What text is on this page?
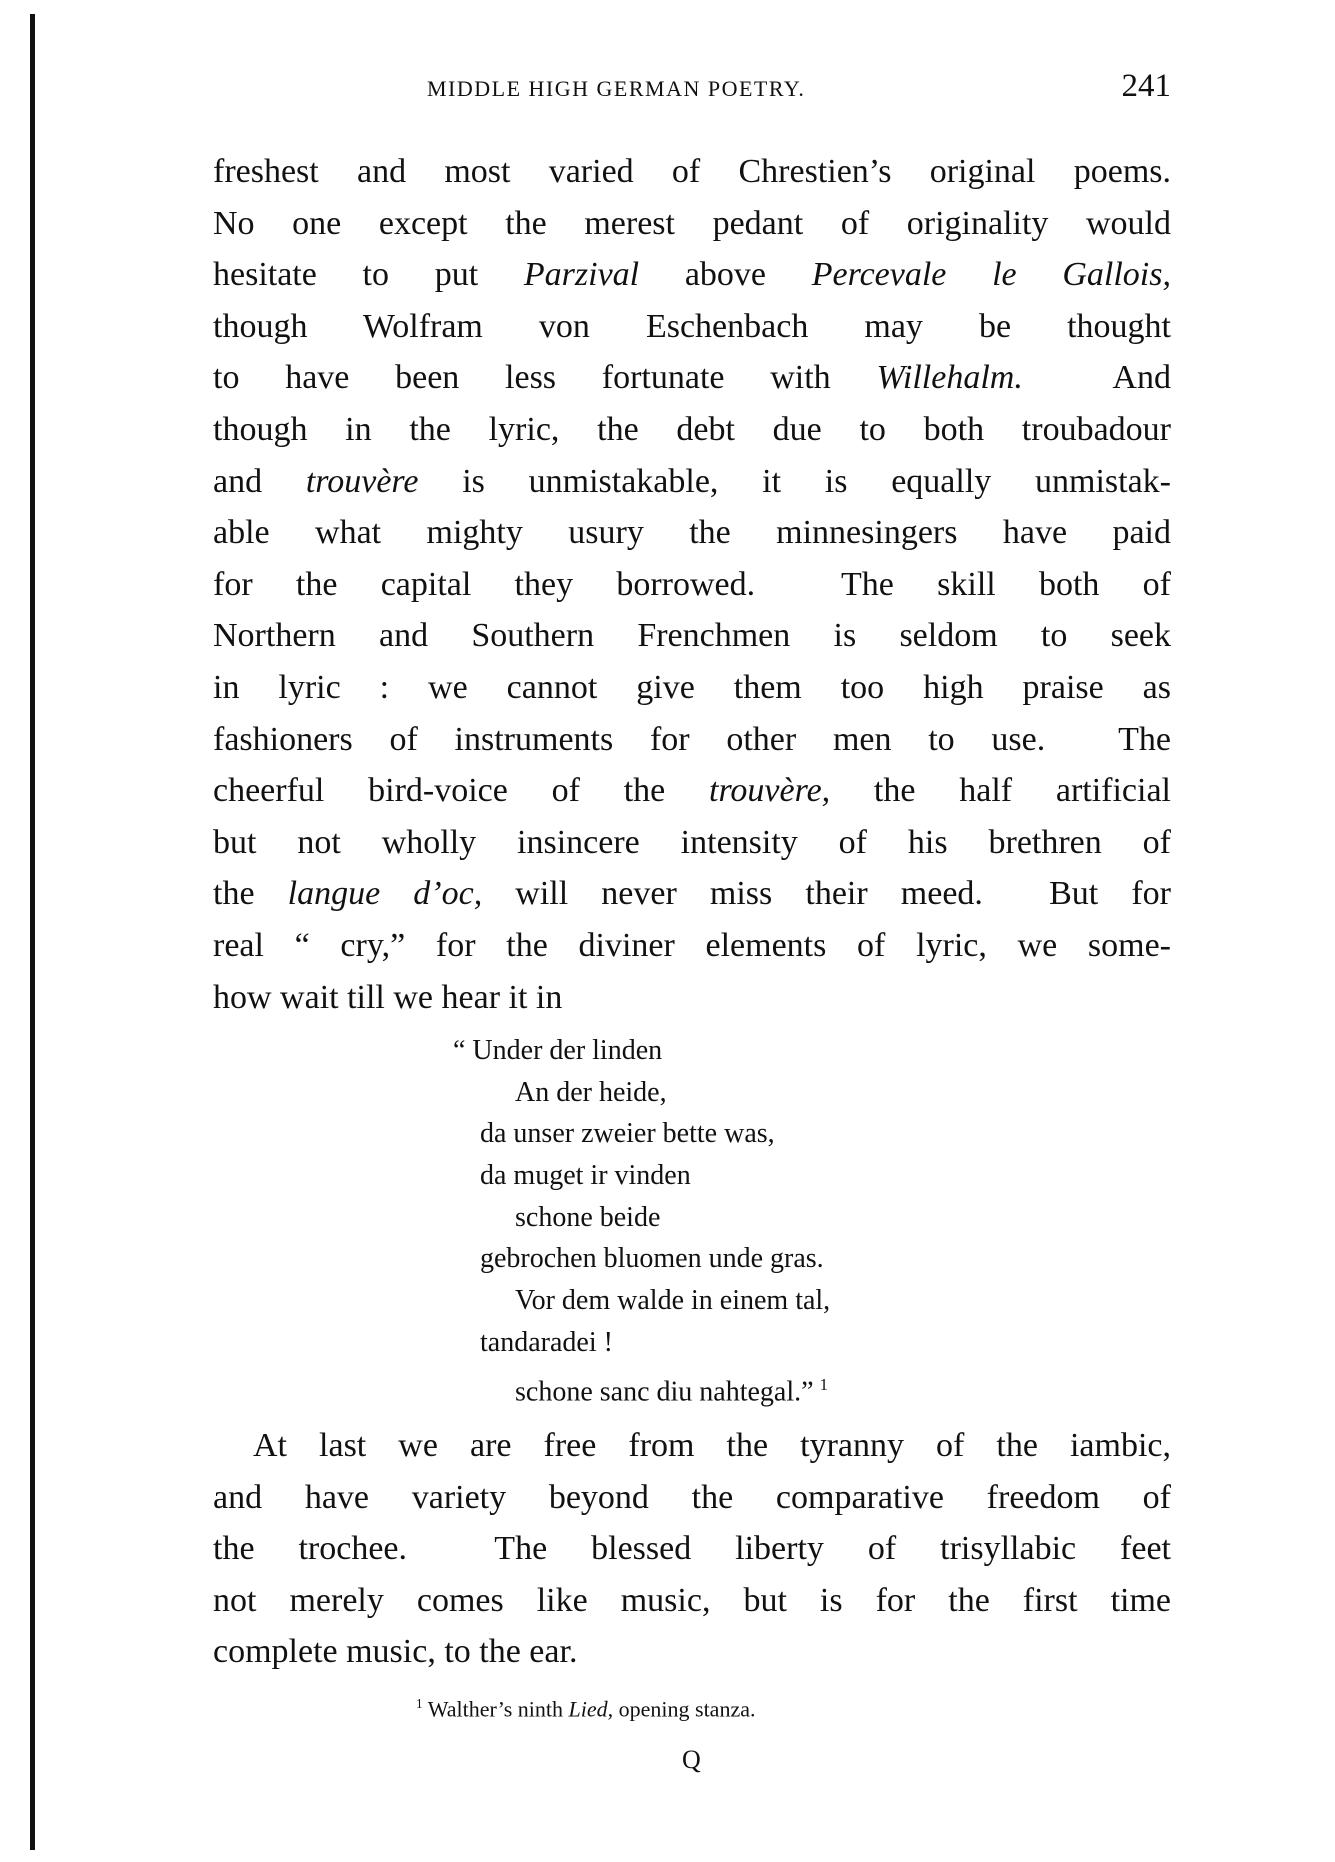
MIDDLE HIGH GERMAN POETRY.	241
freshest and most varied of Chrestien’s original poems.
No one except the merest pedant of originality would
hesitate to put Parzival above Percevale le Gallois,
though Wolfram von Eschenbach may be thought
to have been less fortunate with Willehalm.  And
though in the lyric, the debt due to both troubadour
and trouvère is unmistakable, it is equally unmistak-
able what mighty usury the minnesingers have paid
for the capital they borrowed.  The skill both of
Northern and Southern Frenchmen is seldom to seek
in lyric : we cannot give them too high praise as
fashioners of instruments for other men to use.  The
cheerful bird-voice of the trouvère, the half artificial
but not wholly insincere intensity of his brethren of
the langue d’oc, will never miss their meed.  But for
real “ cry,” for the diviner elements of lyric, we some-
how wait till we hear it in
“ Under der linden
An der heide,
da unser zweier bette was,
da muget ir vinden
schone beide
gebrochen bluomen unde gras.
Vor dem walde in einem tal,
tandaradei !
schone sanc diu nahtegal.” $^1$
At last we are free from the tyranny of the iambic,
and have variety beyond the comparative freedom of
the trochee.  The blessed liberty of trisyllabic feet
not merely comes like music, but is for the first time
complete music, to the ear.
$^1$ Walther’s ninth Lied, opening stanza.
Q
